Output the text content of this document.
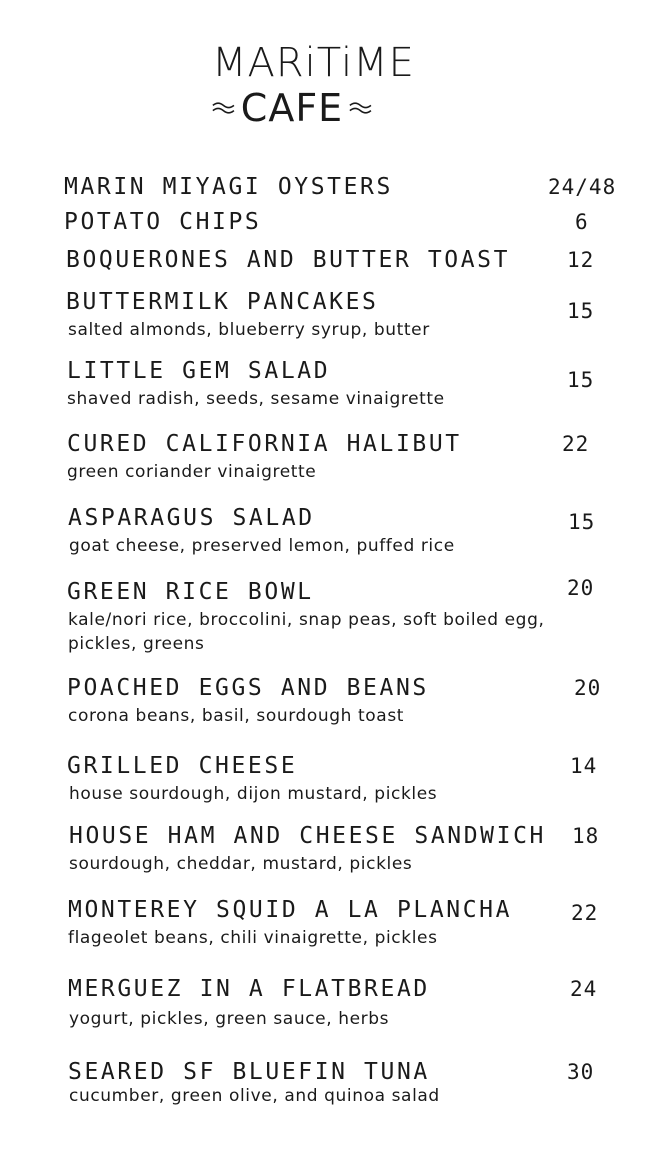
MARiTiME
CAFE
MARIN MIYAGI OYSTERS	24/48
POTATO CHIPS	6
BOQUERONES AND BUTTER TOAST	12
BUTTERMILK PANCAKES	15
salted almonds, blueberry syrup, butter
LITTLE GEM SALAD	15
shaved radish, seeds, sesame vinaigrette
CURED CALIFORNIA HALIBUT	22
green coriander vinaigrette
ASPARAGUS SALAD	15
goat cheese, preserved lemon, puffed rice
GREEN RICE BOWL	20
kale/nori rice, broccolini, snap peas, soft boiled egg, pickles, greens
POACHED EGGS AND BEANS	20
corona beans, basil, sourdough toast
GRILLED CHEESE	14
house sourdough, dijon mustard, pickles
HOUSE HAM AND CHEESE SANDWICH 18
sourdough, cheddar, mustard, pickles
MONTEREY SQUID A LA PLANCHA	22
flageolet beans, chili vinaigrette, pickles
MERGUEZ IN A FLATBREAD	24
yogurt, pickles, green sauce, herbs
SEARED SF BLUEFIN TUNA	30
cucumber, green olive, and quinoa salad
